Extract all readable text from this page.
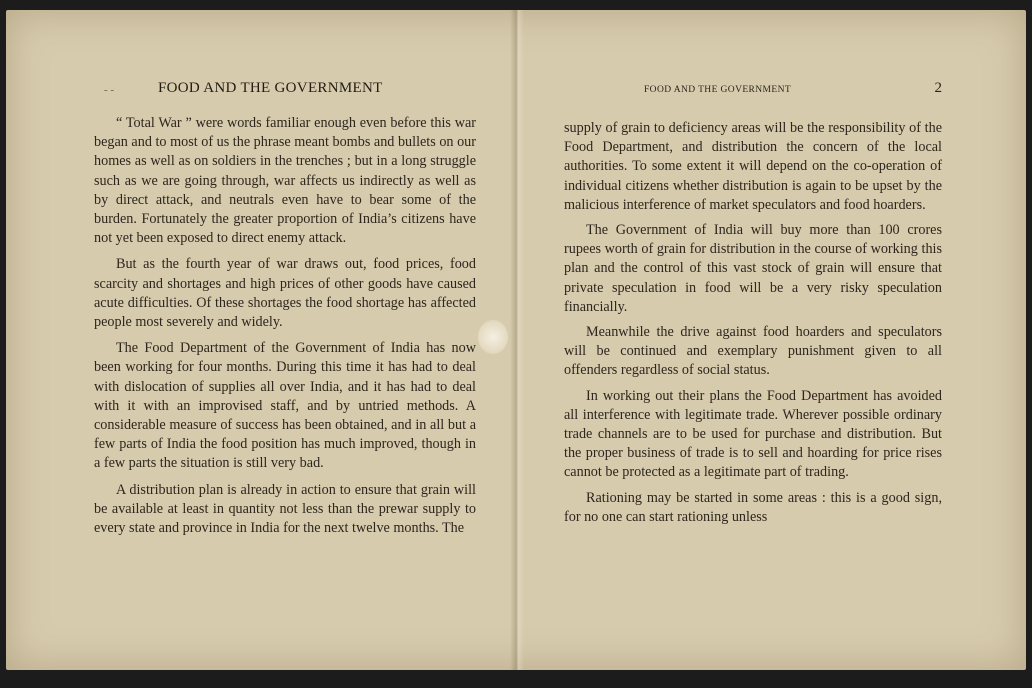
- -	FOOD AND THE GOVERNMENT

“ Total War ” were words familiar enough even before this war began and to most of us the phrase meant bombs and bullets on our homes as well as on soldiers in the trenches ; but in a long struggle such as we are going through, war affects us indirectly as well as by direct attack, and neutrals even have to bear some of the burden. Fortunately the greater proportion of India’s citizens have not yet been exposed to direct enemy attack.

But as the fourth year of war draws out, food prices, food scarcity and shortages and high prices of other goods have caused acute difficulties. Of these shortages the food shortage has affected people most severely and widely.

The Food Department of the Government of India has now been working for four months. During this time it has had to deal with dislocation of supplies all over India, and it has had to deal with it with an improvised staff, and by untried methods. A considerable measure of success has been obtained, and in all but a few parts of India the food position has much improved, though in a few parts the situation is still very bad.

A distribution plan is already in action to ensure that grain will be available at least in quantity not less than the prewar supply to every state and province in India for the next twelve months. The

FOOD AND THE GOVERNMENT	2

supply of grain to deficiency areas will be the responsibility of the Food Department, and distribution the concern of the local authorities. To some extent it will depend on the co-operation of individual citizens whether distribution is again to be upset by the malicious interference of market speculators and food hoarders.

The Government of India will buy more than 100 crores rupees worth of grain for distribution in the course of working this plan and the control of this vast stock of grain will ensure that private speculation in food will be a very risky speculation financially.

Meanwhile the drive against food hoarders and speculators will be continued and exemplary punishment given to all offenders regardless of social status.

In working out their plans the Food Department has avoided all interference with legitimate trade. Wherever possible ordinary trade channels are to be used for purchase and distribution. But the proper business of trade is to sell and hoarding for price rises cannot be protected as a legitimate part of trading.

Rationing may be started in some areas : this is a good sign, for no one can start rationing unless
